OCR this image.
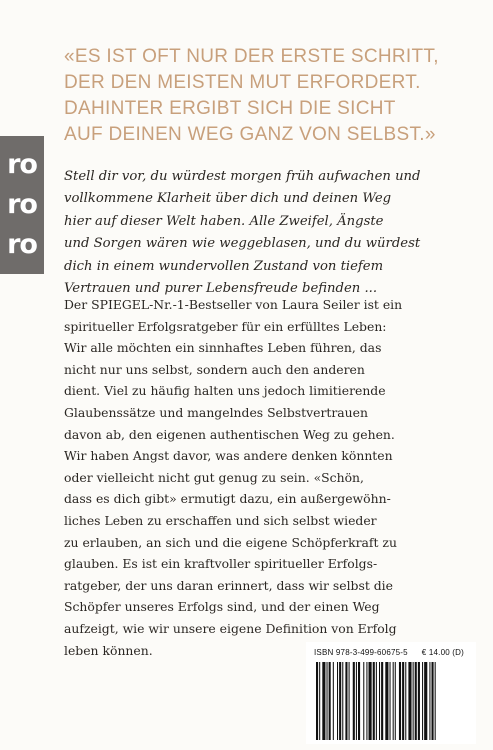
«ES IST OFT NUR DER ERSTE SCHRITT,
DER DEN MEISTEN MUT ERFORDERT.
DAHINTER ERGIBT SICH DIE SICHT
AUF DEINEN WEG GANZ VON SELBST.»
ro
ro
ro
Stell dir vor, du würdest morgen früh aufwachen und
vollkommene Klarheit über dich und deinen Weg
hier auf dieser Welt haben. Alle Zweifel, Ängste
und Sorgen wären wie weggeblasen, und du würdest
dich in einem wundervollen Zustand von tiefem
Vertrauen und purer Lebensfreude befinden ...
Der SPIEGEL-Nr.-1-Bestseller von Laura Seiler ist ein
spiritueller Erfolgsratgeber für ein erfülltes Leben:
Wir alle möchten ein sinnhaftes Leben führen, das
nicht nur uns selbst, sondern auch den anderen
dient. Viel zu häufig halten uns jedoch limitierende
Glaubenssätze und mangelndes Selbstvertrauen
davon ab, den eigenen authentischen Weg zu gehen.
Wir haben Angst davor, was andere denken könnten
oder vielleicht nicht gut genug zu sein. «Schön,
dass es dich gibt» ermutigt dazu, ein außergewöhn-
liches Leben zu erschaffen und sich selbst wieder
zu erlauben, an sich und die eigene Schöpferkraft zu
glauben. Es ist ein kraftvoller spiritueller Erfolgs-
ratgeber, der uns daran erinnert, dass wir selbst die
Schöpfer unseres Erfolgs sind, und der einen Weg
aufzeigt, wie wir unsere eigene Definition von Erfolg
leben können.	ISBN 978-3-499-60675-5 € 14.00 (D)
